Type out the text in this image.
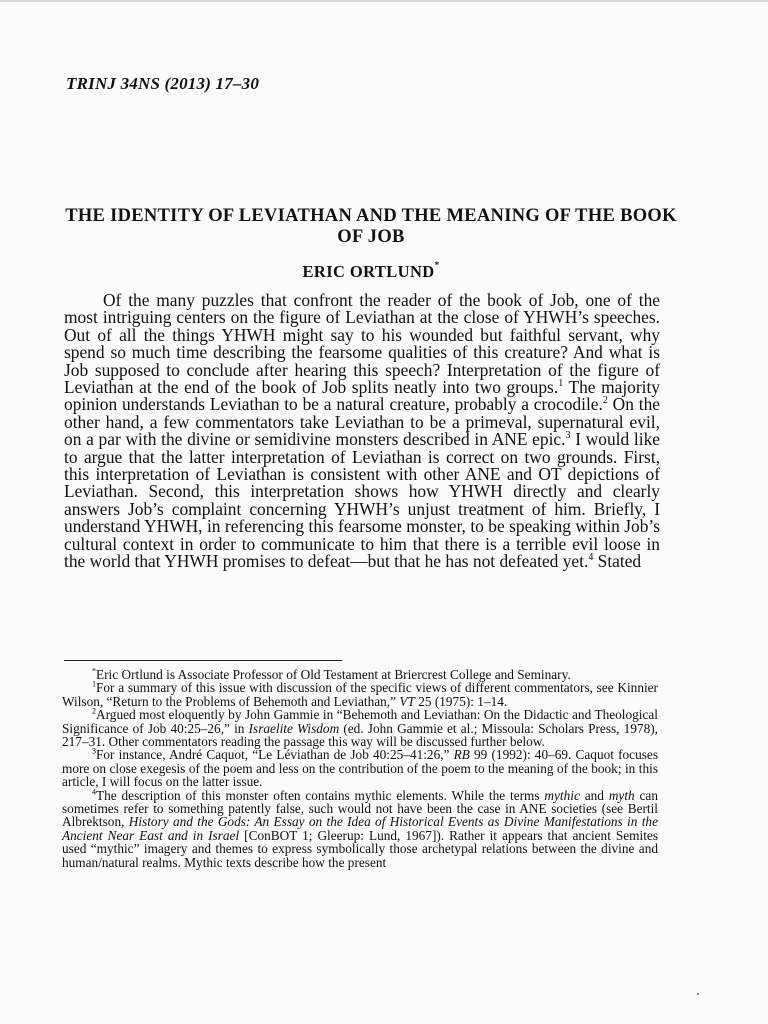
TRINJ 34NS (2013) 17–30
THE IDENTITY OF LEVIATHAN AND THE MEANING OF THE BOOK OF JOB
ERIC ORTLUND*

Of the many puzzles that confront the reader of the book of Job, one of the most intriguing centers on the figure of Leviathan at the close of YHWH’s speeches. Out of all the things YHWH might say to his wounded but faithful servant, why spend so much time describing the fearsome qualities of this creature? And what is Job supposed to conclude after hearing this speech? Interpretation of the figure of Leviathan at the end of the book of Job splits neatly into two groups.$^1$ The majority opinion understands Leviathan to be a natural creature, probably a crocodile.$^2$ On the other hand, a few commentators take Leviathan to be a primeval, supernatural evil, on a par with the divine or semidivine monsters described in ANE epic.$^3$ I would like to argue that the latter interpretation of Leviathan is correct on two grounds. First, this interpretation of Leviathan is consistent with other ANE and OT depictions of Leviathan. Second, this interpretation shows how YHWH directly and clearly answers Job’s complaint concerning YHWH’s unjust treatment of him. Briefly, I understand YHWH, in referencing this fearsome monster, to be speaking within Job’s cultural context in order to communicate to him that there is a terrible evil loose in the world that YHWH promises to defeat—but that he has not defeated yet.$^4$ Stated

*Eric Ortlund is Associate Professor of Old Testament at Briercrest College and Seminary.

$^1$For a summary of this issue with discussion of the specific views of different commentators, see Kinnier Wilson, “Return to the Problems of Behemoth and Leviathan,” VT 25 (1975): 1–14.

$^2$Argued most eloquently by John Gammie in “Behemoth and Leviathan: On the Didactic and Theological Significance of Job 40:25–26,” in Israelite Wisdom (ed. John Gammie et al.; Missoula: Scholars Press, 1978), 217–31. Other commentators reading the passage this way will be discussed further below.

$^3$For instance, André Caquot, “Le Léviathan de Job 40:25–41:26,” RB 99 (1992): 40–69. Caquot focuses more on close exegesis of the poem and less on the contribution of the poem to the meaning of the book; in this article, I will focus on the latter issue.

$^4$The description of this monster often contains mythic elements. While the terms mythic and myth can sometimes refer to something patently false, such would not have been the case in ANE societies (see Bertil Albrektson, History and the Gods: An Essay on the Idea of Historical Events as Divine Manifestations in the Ancient Near East and in Israel [ConBOT 1; Gleerup: Lund, 1967]). Rather it appears that ancient Semites used “mythic” imagery and themes to express symbolically those archetypal relations between the divine and human/natural realms. Mythic texts describe how the present
